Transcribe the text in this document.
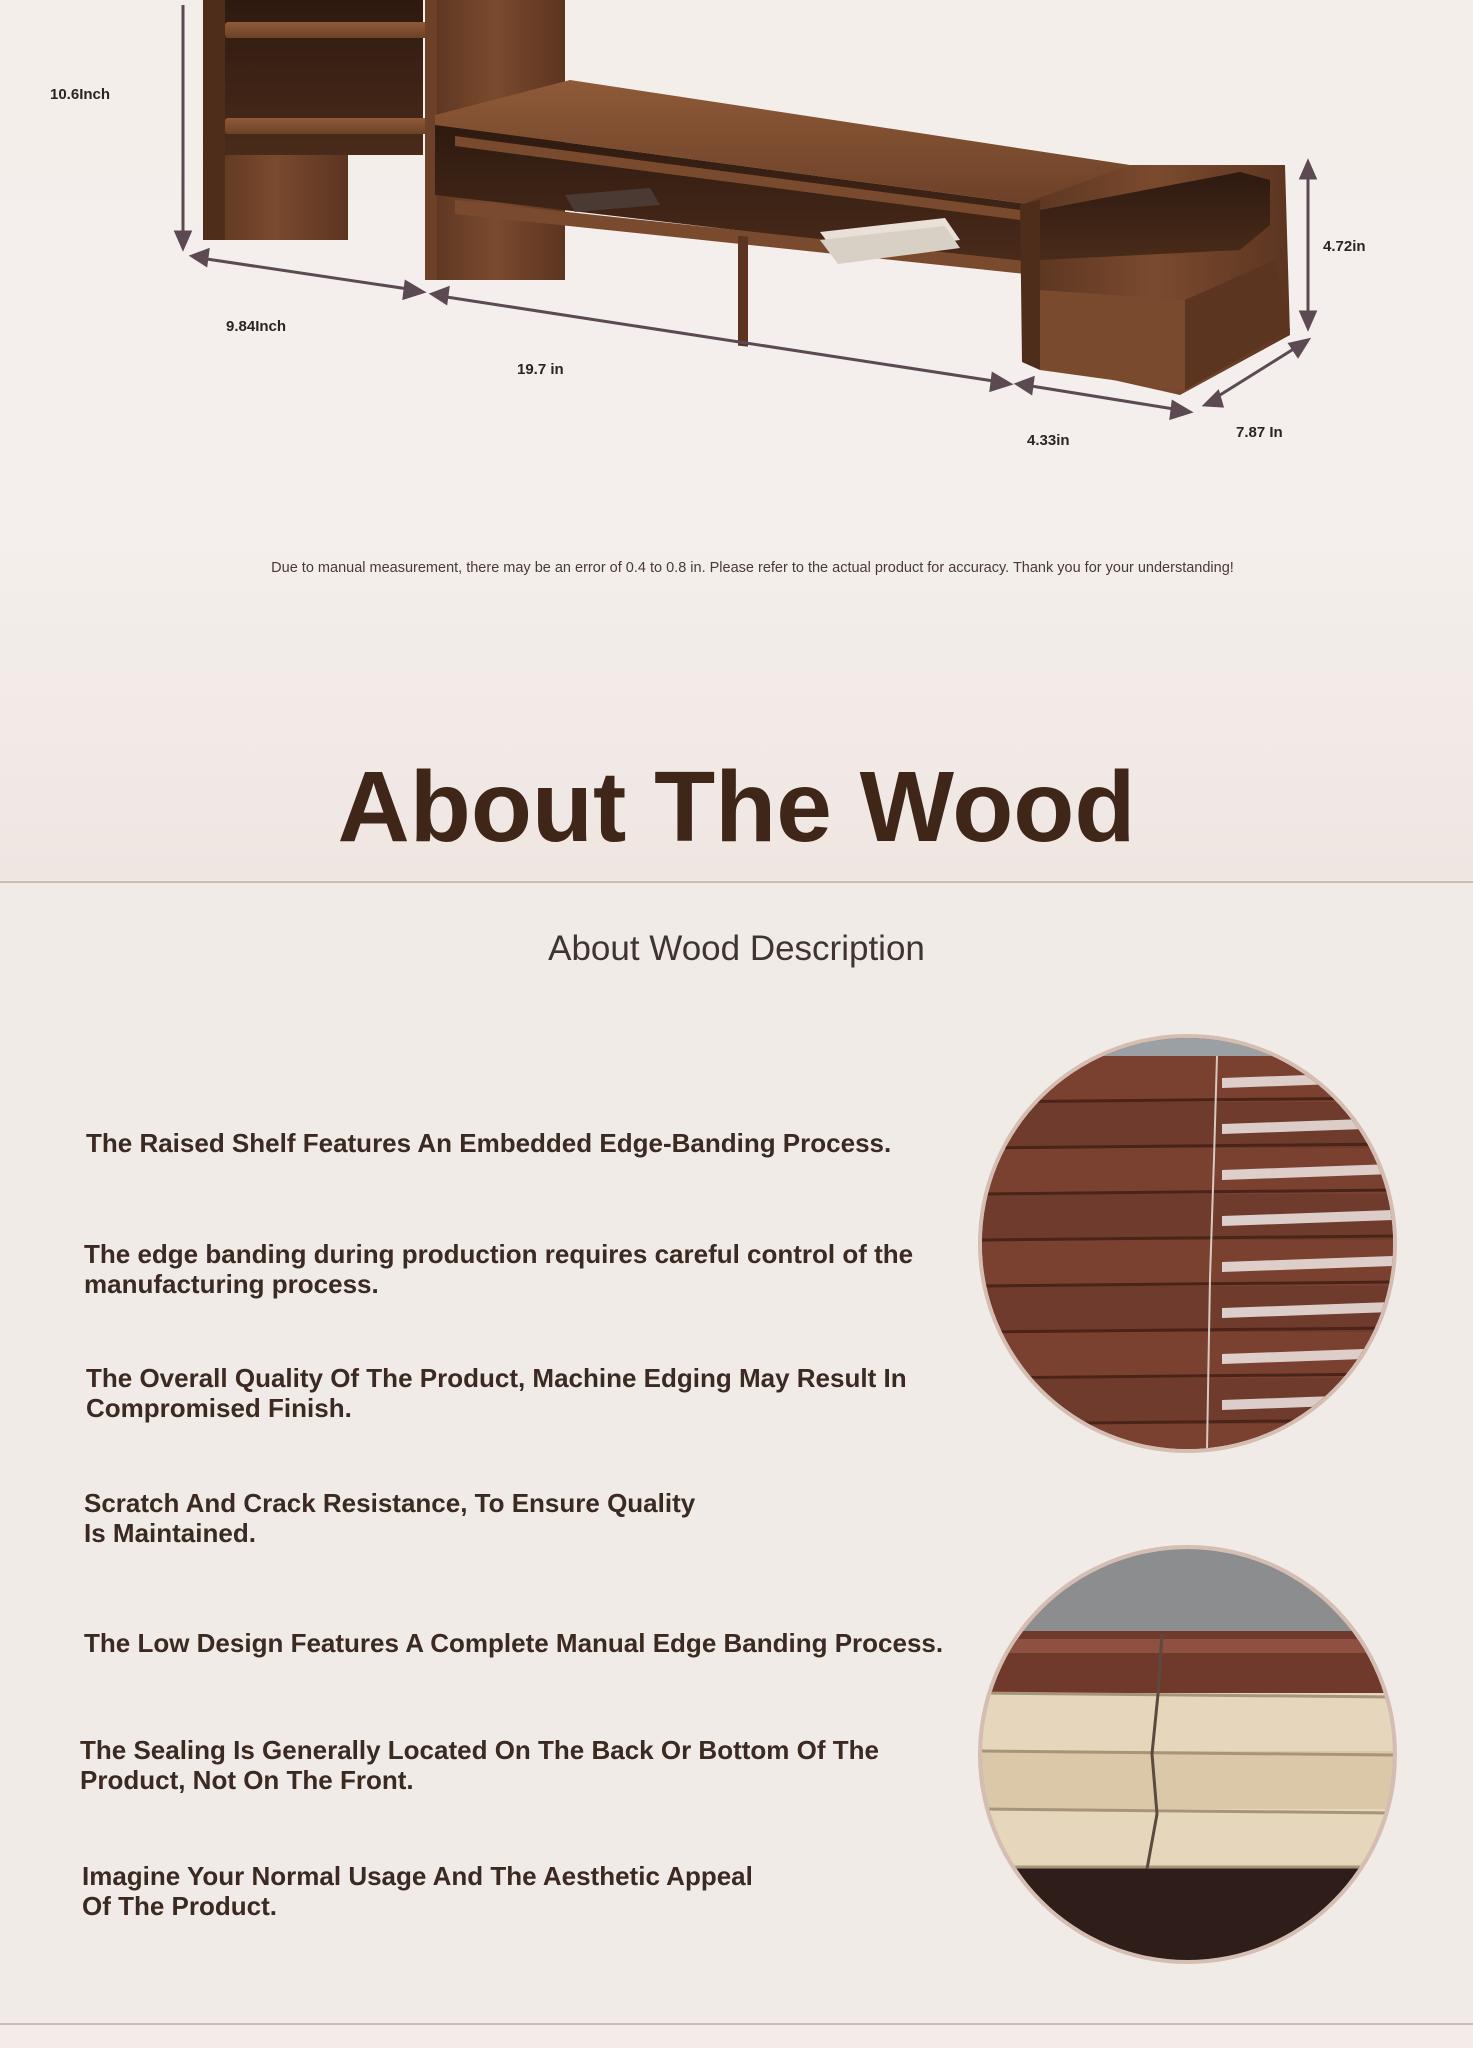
10.6Inch
9.84Inch
19.7 in
4.72in
4.33in	7.87 In
Due to manual measurement, there may be an error of 0.4 to 0.8 in. Please refer to the actual product for accuracy. Thank you for your understanding!
About The Wood
About Wood Description
The Raised Shelf Features An Embedded Edge-Banding Process.
The edge banding during production requires careful control of the manufacturing process.
The Overall Quality Of The Product, Machine Edging May Result In Compromised Finish.
Scratch And Crack Resistance, To Ensure Quality Is Maintained.
The Low Design Features A Complete Manual Edge Banding Process.
The Sealing Is Generally Located On The Back Or Bottom Of The Product, Not On The Front.
Imagine Your Normal Usage And The Aesthetic Appeal Of The Product.
